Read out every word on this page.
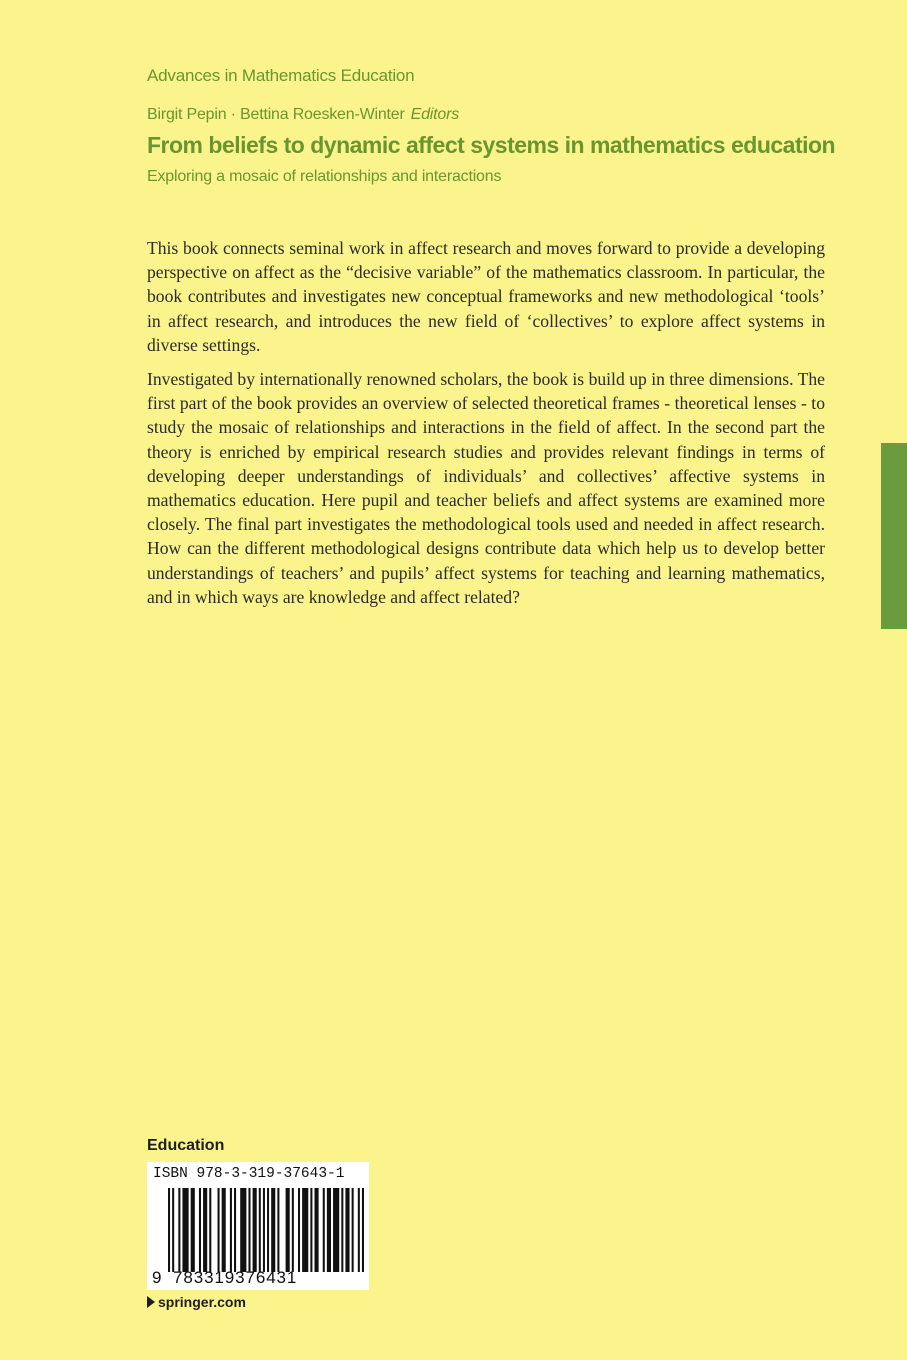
Advances in Mathematics Education
Birgit Pepin · Bettina Roesken-Winter Editors
From beliefs to dynamic affect systems in mathematics education
Exploring a mosaic of relationships and interactions

This book connects seminal work in affect research and moves forward to provide a developing perspective on affect as the “decisive variable” of the mathematics classroom. In particular, the book contributes and investigates new conceptual frameworks and new methodological ‘tools’ in affect research, and introduces the new field of ‘collectives’ to explore affect systems in diverse settings.

Investigated by internationally renowned scholars, the book is build up in three dimensions. The first part of the book provides an overview of selected theoretical frames - theoretical lenses - to study the mosaic of relationships and interactions in the field of affect. In the second part the theory is enriched by empirical research studies and provides relevant findings in terms of developing deeper understandings of individuals’ and collectives’ affective systems in mathematics education. Here pupil and teacher beliefs and affect systems are examined more closely. The final part investigates the methodological tools used and needed in affect research. How can the different methodological designs contribute data which help us to develop better understandings of teachers’ and pupils’ affect systems for teaching and learning mathematics, and in which ways are knowledge and affect related?

Education
ISBN 978-3-319-37643-1
9 783319376431
springer.com
